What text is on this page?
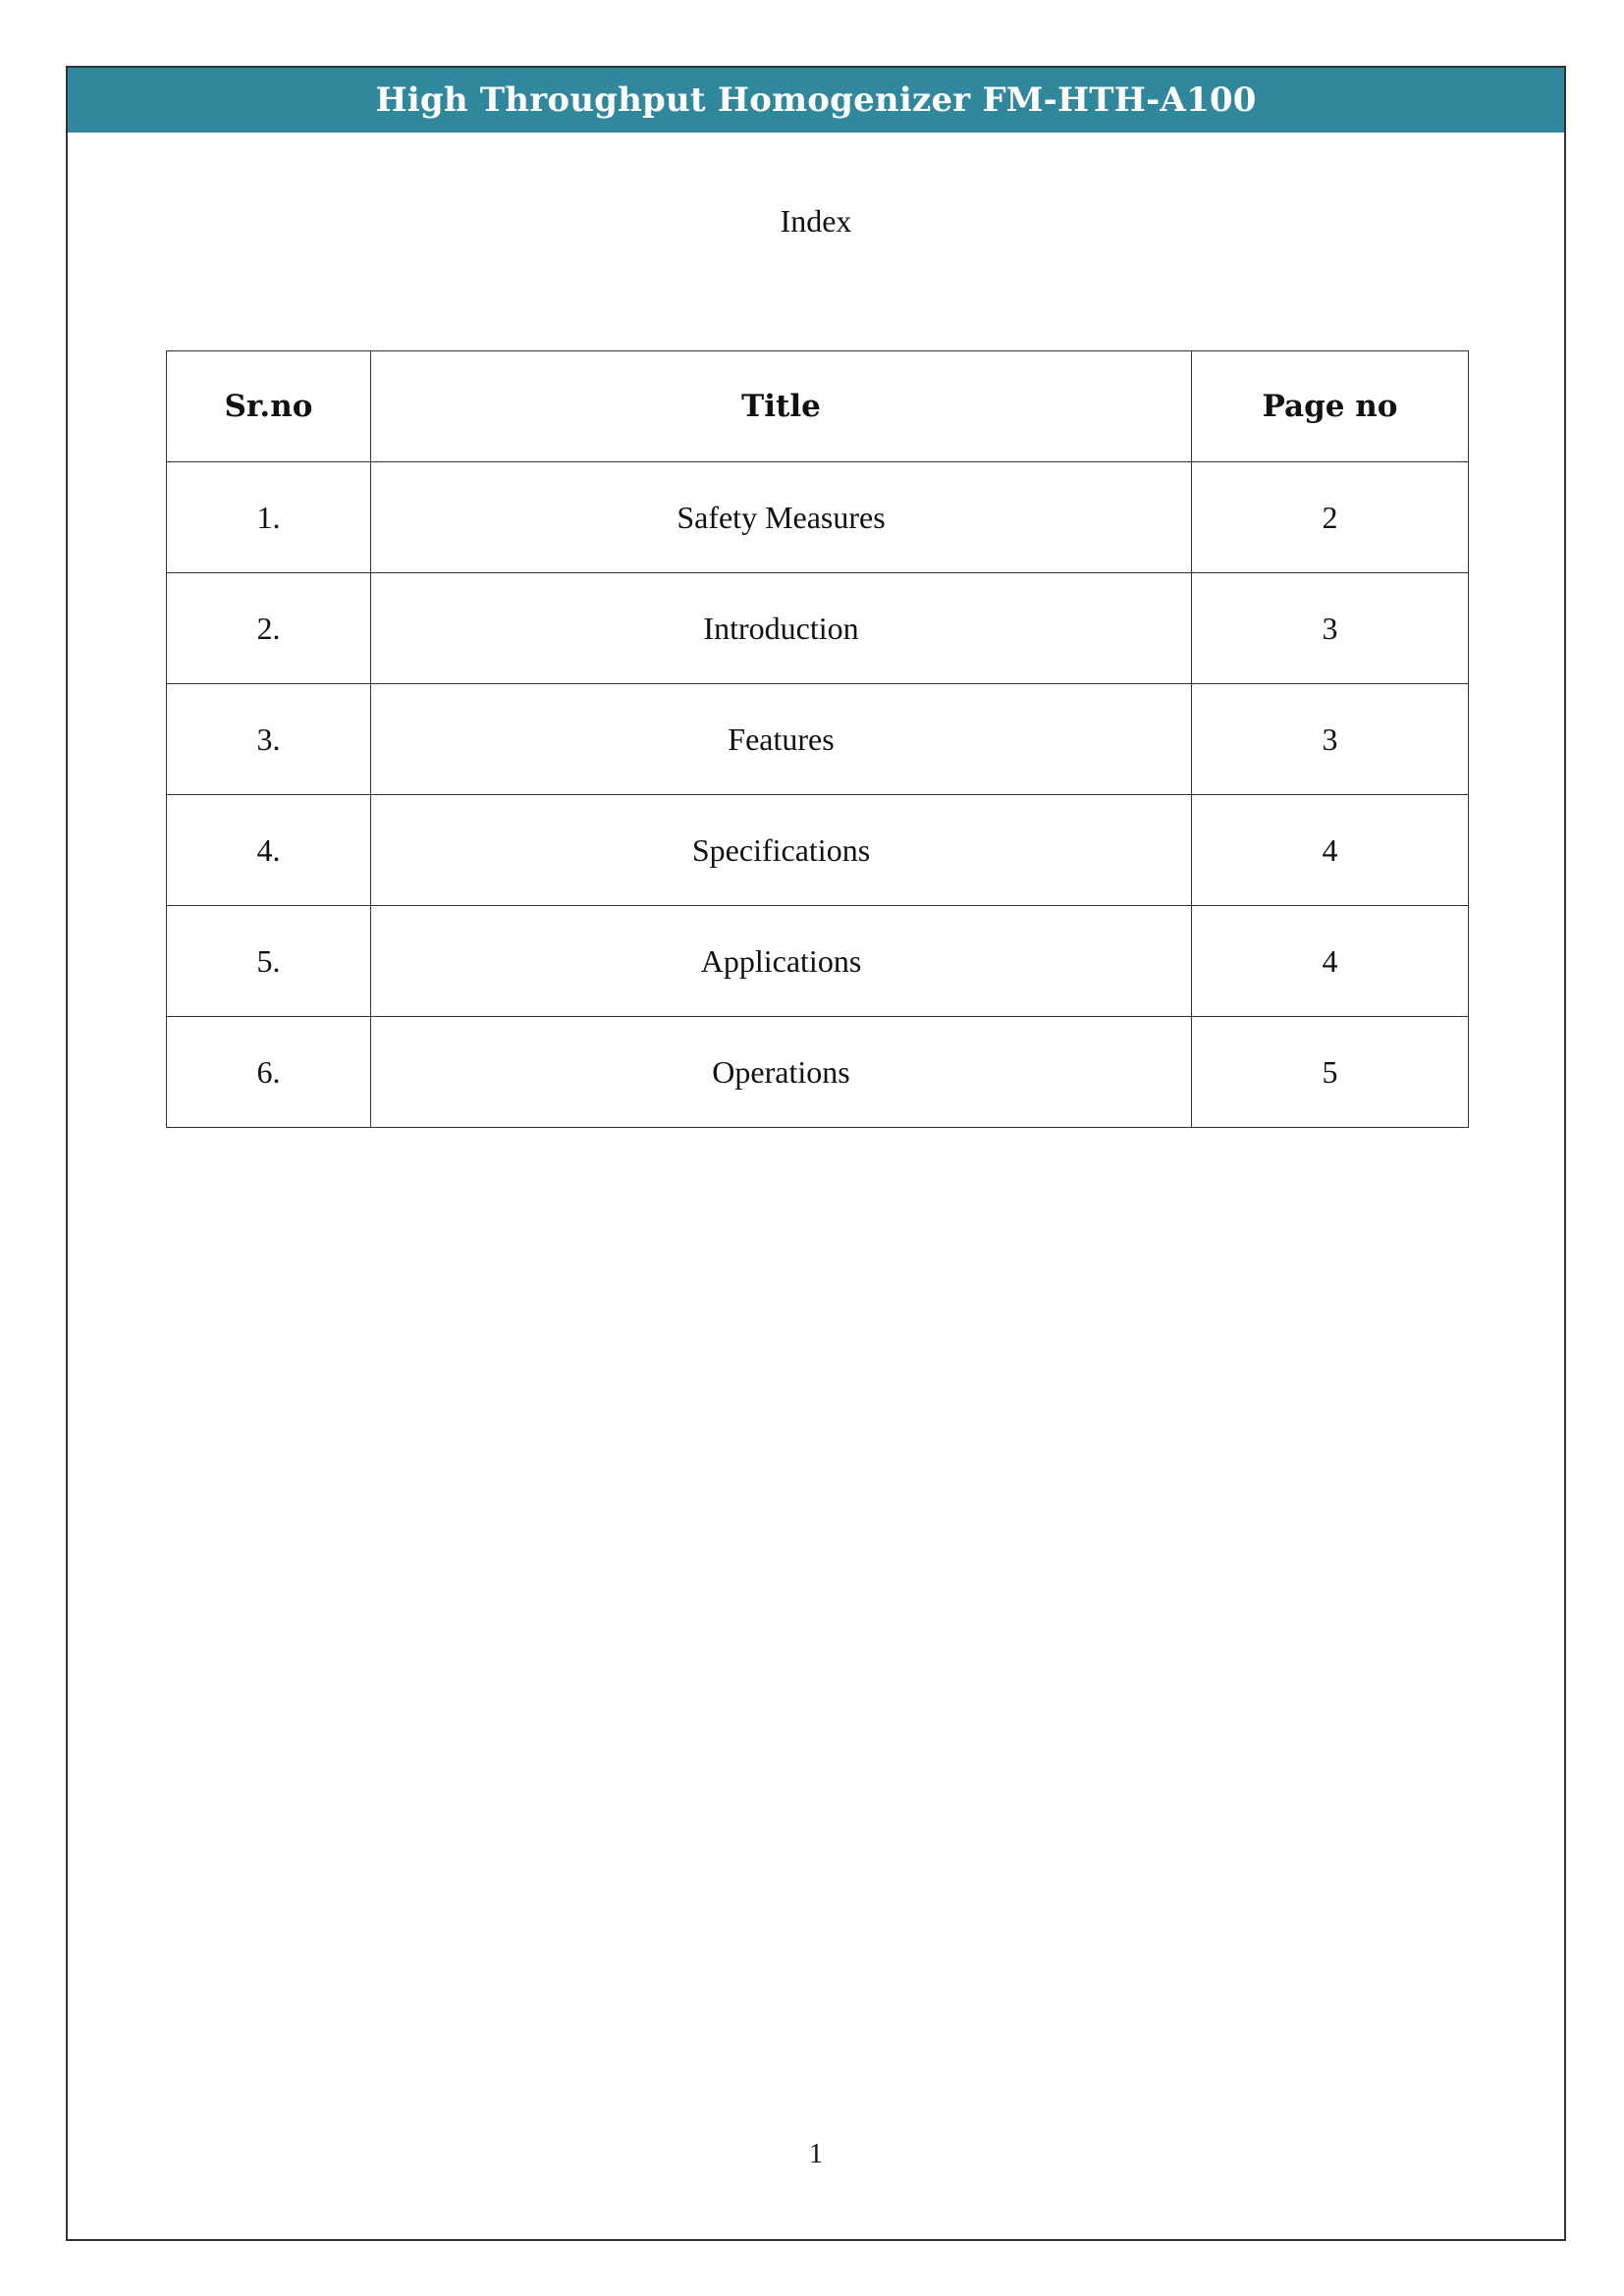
High Throughput Homogenizer FM-HTH-A100
Index
Sr.no	Title	Page no
1.	Safety Measures	2
2.	Introduction	3
3.	Features	3
4.	Specifications	4
5.	Applications	4
6.	Operations	5
1
